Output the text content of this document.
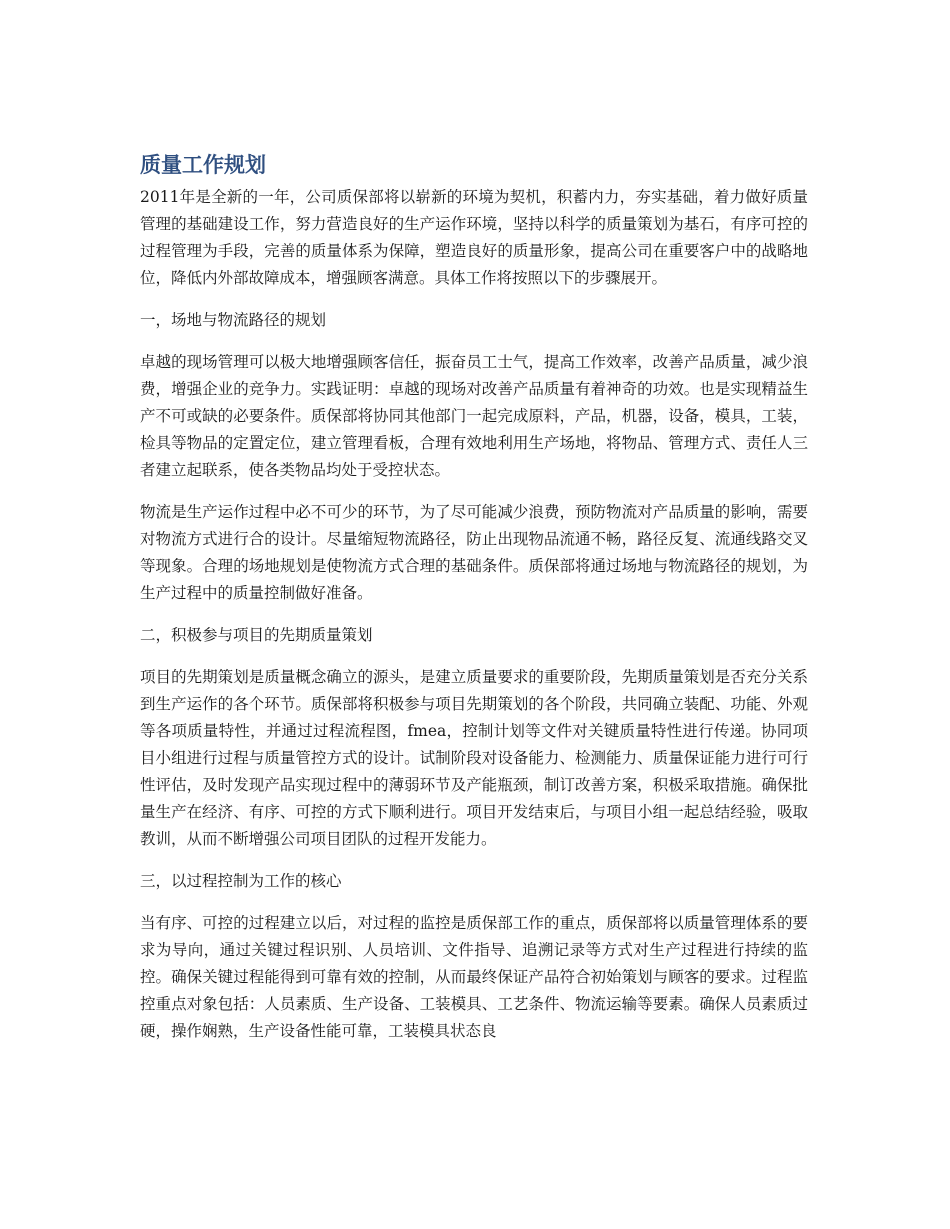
质量工作规划

2011年是全新的一年，公司质保部将以崭新的环境为契机，积蓄内力，夯实基础，着力做好质量管理的基础建设工作，努力营造良好的生产运作环境，坚持以科学的质量策划为基石，有序可控的过程管理为手段，完善的质量体系为保障，塑造良好的质量形象，提高公司在重要客户中的战略地位，降低内外部故障成本，增强顾客满意。具体工作将按照以下的步骤展开。

一，场地与物流路径的规划

卓越的现场管理可以极大地增强顾客信任，振奋员工士气，提高工作效率，改善产品质量，减少浪费，增强企业的竞争力。实践证明：卓越的现场对改善产品质量有着神奇的功效。也是实现精益生产不可或缺的必要条件。质保部将协同其他部门一起完成原料，产品，机器，设备，模具，工装，检具等物品的定置定位，建立管理看板，合理有效地利用生产场地，将物品、管理方式、责任人三者建立起联系，使各类物品均处于受控状态。

物流是生产运作过程中必不可少的环节，为了尽可能减少浪费，预防物流对产品质量的影响，需要对物流方式进行合的设计。尽量缩短物流路径，防止出现物品流通不畅，路径反复、流通线路交叉等现象。合理的场地规划是使物流方式合理的基础条件。质保部将通过场地与物流路径的规划，为生产过程中的质量控制做好准备。

二，积极参与项目的先期质量策划

项目的先期策划是质量概念确立的源头，是建立质量要求的重要阶段，先期质量策划是否充分关系到生产运作的各个环节。质保部将积极参与项目先期策划的各个阶段，共同确立装配、功能、外观等各项质量特性，并通过过程流程图，fmea，控制计划等文件对关键质量特性进行传递。协同项目小组进行过程与质量管控方式的设计。试制阶段对设备能力、检测能力、质量保证能力进行可行性评估，及时发现产品实现过程中的薄弱环节及产能瓶颈，制订改善方案，积极采取措施。确保批量生产在经济、有序、可控的方式下顺利进行。项目开发结束后，与项目小组一起总结经验，吸取教训，从而不断增强公司项目团队的过程开发能力。

三，以过程控制为工作的核心

当有序、可控的过程建立以后，对过程的监控是质保部工作的重点，质保部将以质量管理体系的要求为导向，通过关键过程识别、人员培训、文件指导、追溯记录等方式对生产过程进行持续的监控。确保关键过程能得到可靠有效的控制，从而最终保证产品符合初始策划与顾客的要求。过程监控重点对象包括：人员素质、生产设备、工装模具、工艺条件、物流运输等要素。确保人员素质过硬，操作娴熟，生产设备性能可靠，工装模具状态良
